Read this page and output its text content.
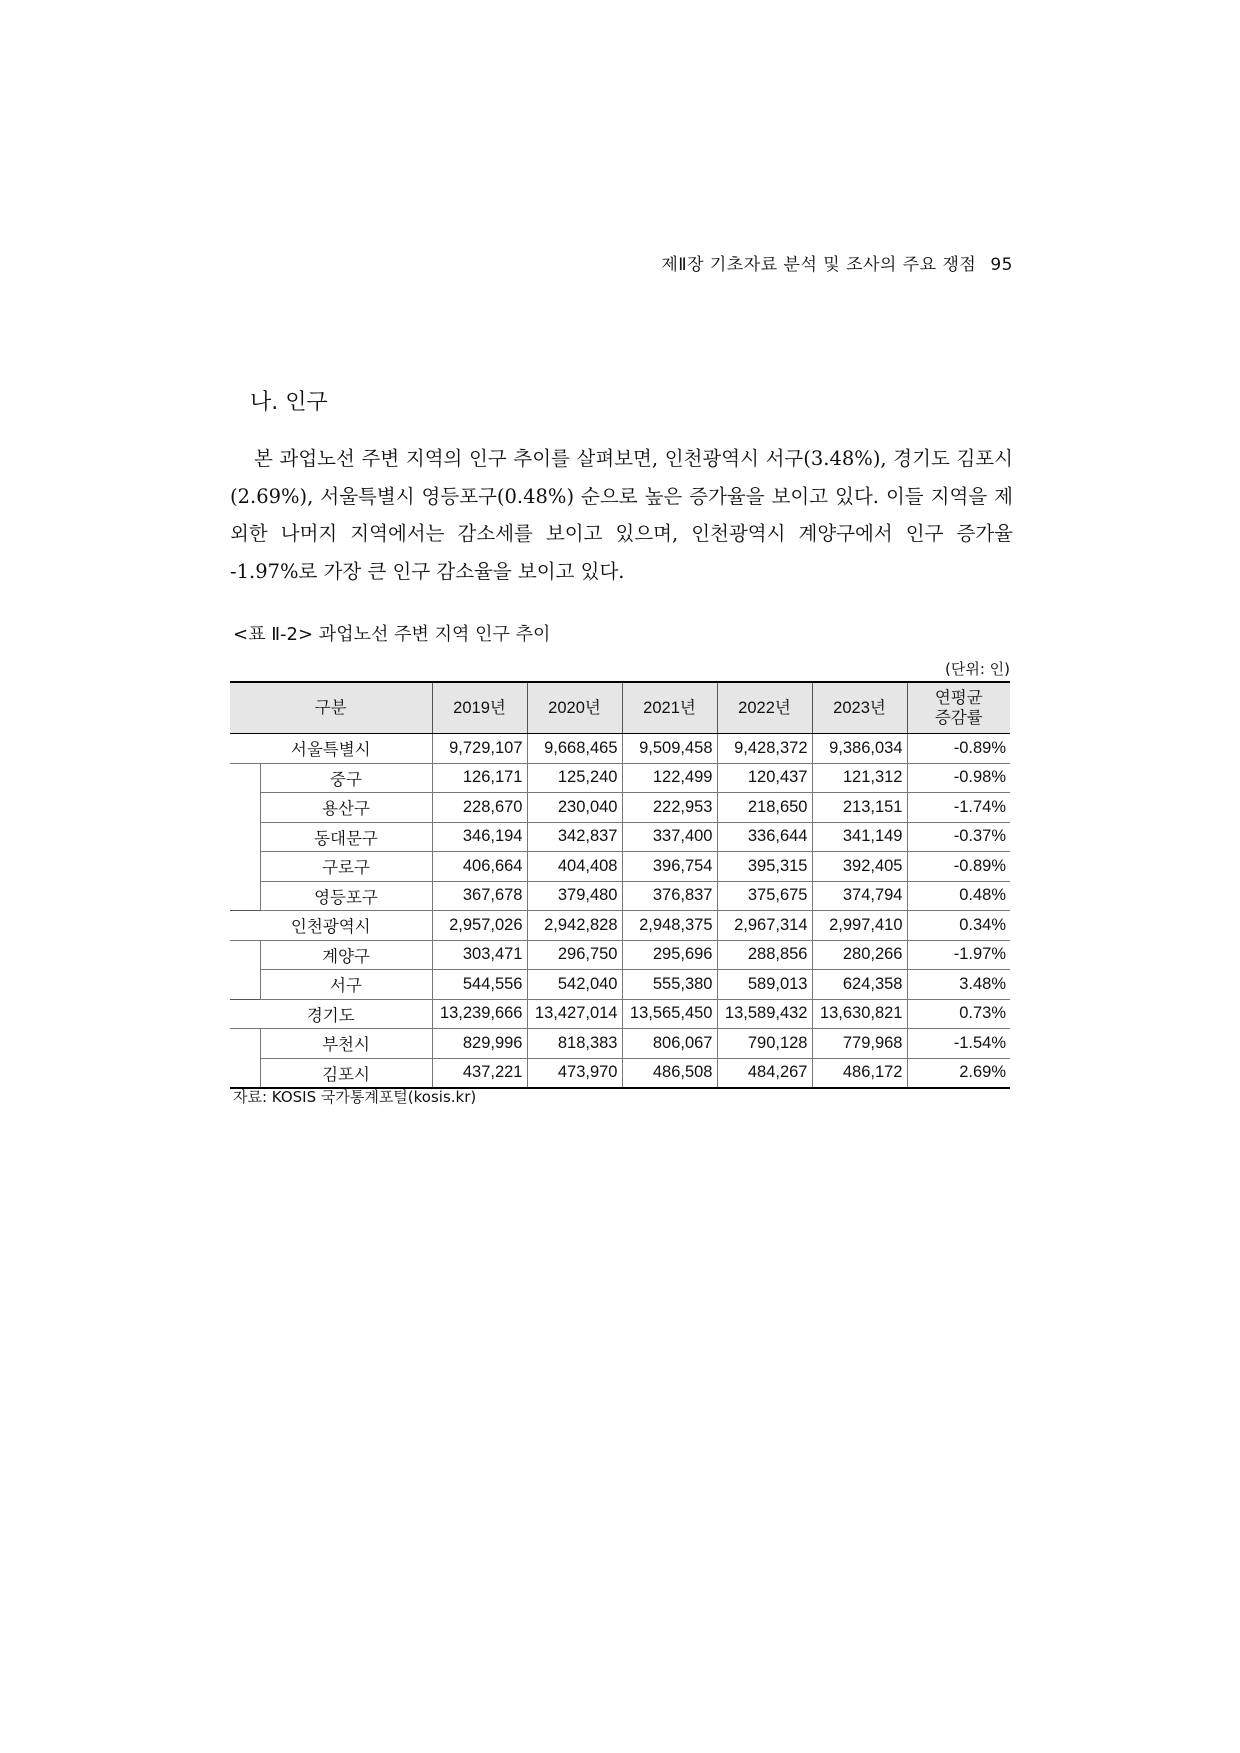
제Ⅱ장 기초자료 분석 및 조사의 주요 쟁점 95
나. 인구

본 과업노선 주변 지역의 인구 추이를 살펴보면, 인천광역시 서구(3.48%), 경기도 김포시(2.69%), 서울특별시 영등포구(0.48%) 순으로 높은 증가율을 보이고 있다. 이들 지역을 제외한 나머지 지역에서는 감소세를 보이고 있으며, 인천광역시 계양구에서 인구 증가율 -1.97%로 가장 큰 인구 감소율을 보이고 있다.

<표 Ⅱ-2> 과업노선 주변 지역 인구 추이
(단위: 인)
구분		2019년	2020년	2021년	2022년	2023년	연평균
증감률
서울특별시		9,729,107	9,668,465	9,509,458	9,428,372	9,386,034	-0.89%
	중구	126,171	125,240	122,499	120,437	121,312	-0.98%
	용산구	228,670	230,040	222,953	218,650	213,151	-1.74%
	동대문구	346,194	342,837	337,400	336,644	341,149	-0.37%
	구로구	406,664	404,408	396,754	395,315	392,405	-0.89%
	영등포구	367,678	379,480	376,837	375,675	374,794	0.48%
인천광역시		2,957,026	2,942,828	2,948,375	2,967,314	2,997,410	0.34%
	계양구	303,471	296,750	295,696	288,856	280,266	-1.97%
	서구	544,556	542,040	555,380	589,013	624,358	3.48%
경기도		13,239,666	13,427,014	13,565,450	13,589,432	13,630,821	0.73%
	부천시	829,996	818,383	806,067	790,128	779,968	-1.54%
	김포시	437,221	473,970	486,508	484,267	486,172	2.69%
자료: KOSIS 국가통계포털(kosis.kr)
